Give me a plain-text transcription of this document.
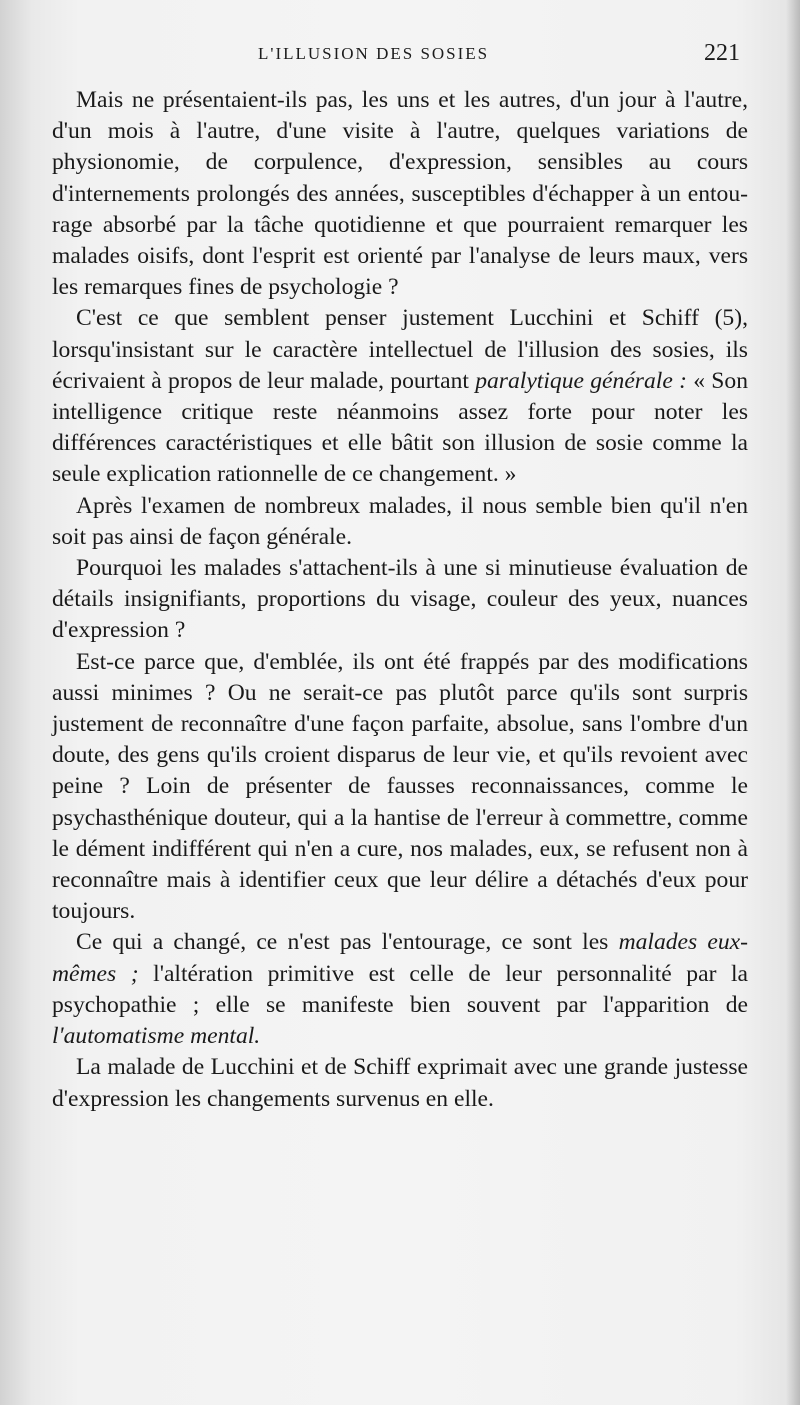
L'ILLUSION DES SOSIES	221

Mais ne présentaient-ils pas, les uns et les autres, d'un jour à l'autre, d'un mois à l'autre, d'une visite à l'autre, quelques variations de physionomie, de corpulence, d'expression, sensibles au cours d'internements prolongés des années, susceptibles d'échapper à un entourage absorbé par la tâche quotidienne et que pourraient remarquer les malades oisifs, dont l'esprit est orienté par l'analyse de leurs maux, vers les remarques fines de psychologie ?

C'est ce que semblent penser justement Lucchini et Schiff (5), lorsqu'insistant sur le caractère intellectuel de l'illusion des sosies, ils écrivaient à propos de leur malade, pourtant paralytique générale : « Son intelligence critique reste néanmoins assez forte pour noter les différences caractéristiques et elle bâtit son illusion de sosie comme la seule explication rationnelle de ce changement. »

Après l'examen de nombreux malades, il nous semble bien qu'il n'en soit pas ainsi de façon générale.

Pourquoi les malades s'attachent-ils à une si minutieuse évaluation de détails insignifiants, proportions du visage, couleur des yeux, nuances d'expression ?

Est-ce parce que, d'emblée, ils ont été frappés par des modifications aussi minimes ? Ou ne serait-ce pas plutôt parce qu'ils sont surpris justement de reconnaître d'une façon parfaite, absolue, sans l'ombre d'un doute, des gens qu'ils croient disparus de leur vie, et qu'ils revoient avec peine ? Loin de présenter de fausses reconnaissances, comme le psychasthénique douteur, qui a la hantise de l'erreur à commettre, comme le dément indifférent qui n'en a cure, nos malades, eux, se refusent non à reconnaître mais à identifier ceux que leur délire a détachés d'eux pour toujours.

Ce qui a changé, ce n'est pas l'entourage, ce sont les malades eux-mêmes ; l'altération primitive est celle de leur personnalité par la psychopathie ; elle se manifeste bien souvent par l'apparition de l'automatisme mental.

La malade de Lucchini et de Schiff exprimait avec une grande justesse d'expression les changements survenus en elle.
